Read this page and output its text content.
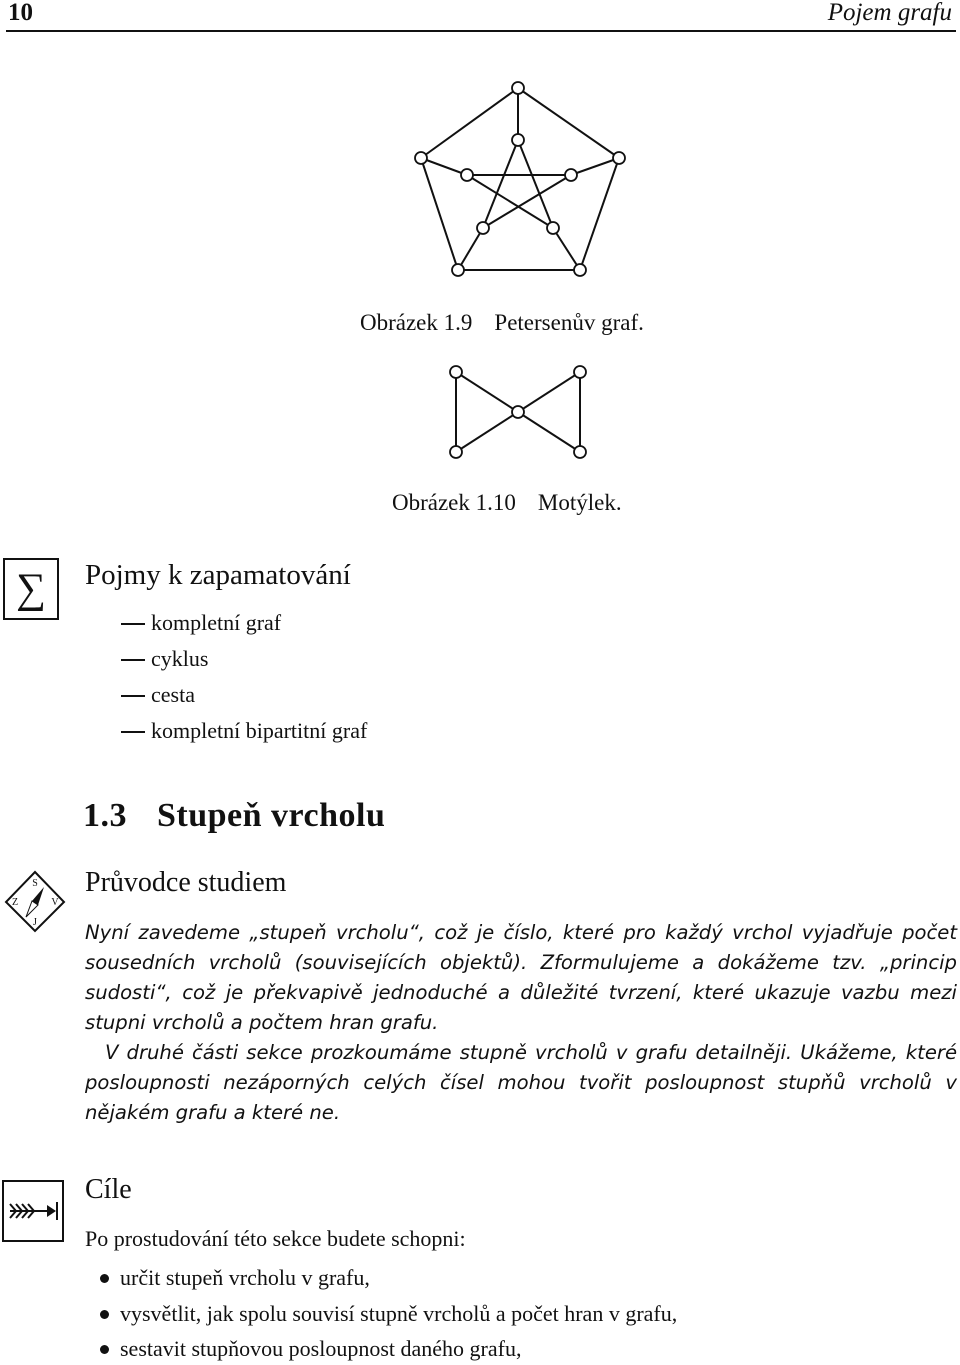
10	Pojem grafu
Obrázek 1.9 Petersenův graf.
Obrázek 1.10 Motýlek.
∑	Pojmy k zapamatování
kompletní graf
cyklus
cesta
kompletní bipartitní graf
1.3 Stupeň vrcholu
S
J
Z	V
Průvodce studiem

Nyní zavedeme „stupeň vrcholu“, což je číslo, které pro každý vrchol vyjadřuje počet sousedních vrcholů (souvisejících objektů). Zformulujeme a dokážeme tzv. „princip sudosti“, což je překvapivě jednoduché a důležité tvrzení, které ukazuje vazbu mezi stupni vrcholů a počtem hran grafu.

V druhé části sekce prozkoumáme stupně vrcholů v grafu detailněji. Ukážeme, které posloupnosti nezáporných celých čísel mohou tvořit posloupnost stupňů vrcholů v nějakém grafu a které ne.

Cíle
Po prostudování této sekce budete schopni:
určit stupeň vrcholu v grafu,
vysvětlit, jak spolu souvisí stupně vrcholů a počet hran v grafu,
sestavit stupňovou posloupnost daného grafu,
